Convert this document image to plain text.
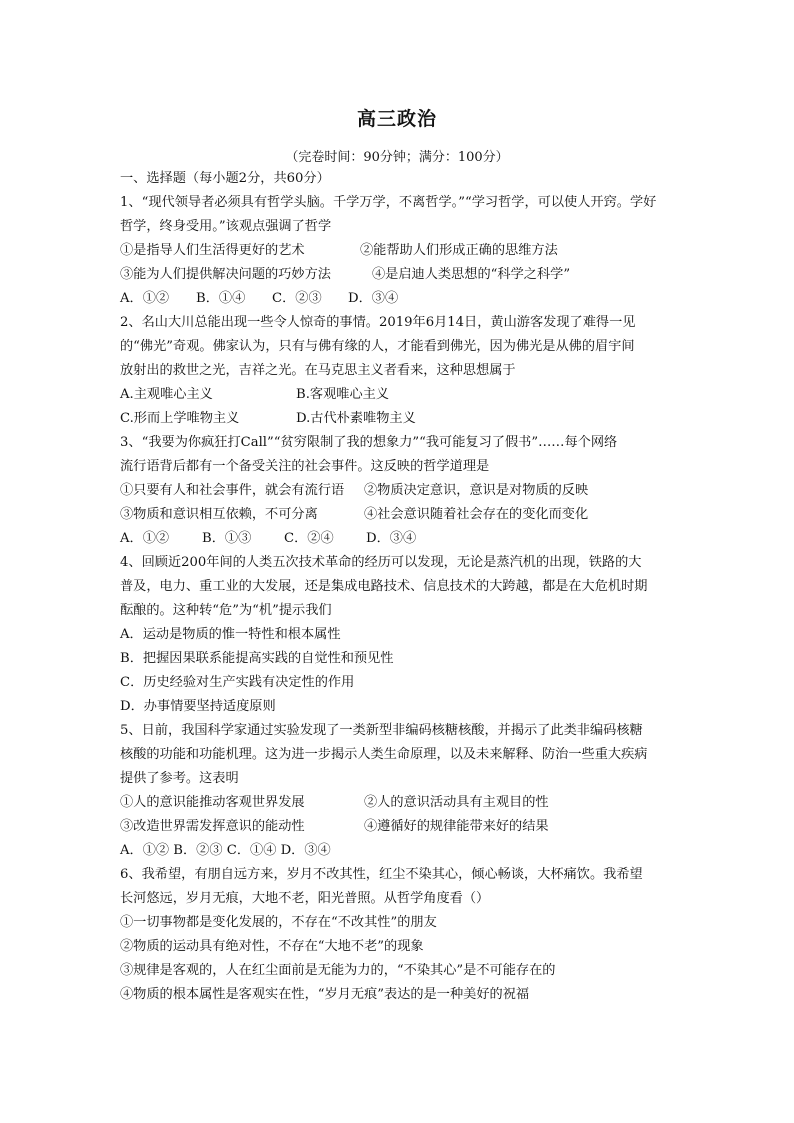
高三政治
（完卷时间：90分钟；满分：100分）
一、选择题（每小题2分，共60分）
1、“现代领导者必须具有哲学头脑。千学万学，不离哲学。”“学习哲学，可以使人开窍。学好
哲学，终身受用。”该观点强调了哲学
①是指导人们生活得更好的艺术	②能帮助人们形成正确的思维方法
③能为人们提供解决问题的巧妙方法	④是启迪人类思想的“科学之科学”
A．①② B．①④ C．②③ D．③④
2、名山大川总能出现一些令人惊奇的事情。2019年6月14日，黄山游客发现了难得一见
的“佛光”奇观。佛家认为，只有与佛有缘的人，才能看到佛光，因为佛光是从佛的眉宇间
放射出的救世之光，吉祥之光。在马克思主义者看来，这种思想属于
A.主观唯心主义	B.客观唯心主义
C.形而上学唯物主义	D.古代朴素唯物主义
3、“我要为你疯狂打Call”“贫穷限制了我的想象力”“我可能复习了假书”……每个网络
流行语背后都有一个备受关注的社会事件。这反映的哲学道理是
①只要有人和社会事件，就会有流行语 ②物质决定意识，意识是对物质的反映
③物质和意识相互依赖，不可分离	④社会意识随着社会存在的变化而变化
A．①② B．①③ C．②④ D．③④
4、回顾近200年间的人类五次技术革命的经历可以发现，无论是蒸汽机的出现，铁路的大
普及，电力、重工业的大发展，还是集成电路技术、信息技术的大跨越，都是在大危机时期
酝酿的。这种转“危”为“机”提示我们
A．运动是物质的惟一特性和根本属性
B．把握因果联系能提高实践的自觉性和预见性
C．历史经验对生产实践有决定性的作用
D．办事情要坚持适度原则
5、日前，我国科学家通过实验发现了一类新型非编码核糖核酸，并揭示了此类非编码核糖
核酸的功能和功能机理。这为进一步揭示人类生命原理，以及未来解释、防治一些重大疾病
提供了参考。这表明
①人的意识能推动客观世界发展	②人的意识活动具有主观目的性
③改造世界需发挥意识的能动性	④遵循好的规律能带来好的结果
A．①② B．②③ C．①④ D．③④
6、我希望，有朋自远方来，岁月不改其性，红尘不染其心，倾心畅谈，大杯痛饮。我希望
长河悠远，岁月无痕，大地不老，阳光普照。从哲学角度看（）
①一切事物都是变化发展的，不存在“不改其性”的朋友
②物质的运动具有绝对性，不存在“大地不老”的现象
③规律是客观的，人在红尘面前是无能为力的，“不染其心”是不可能存在的
④物质的根本属性是客观实在性，“岁月无痕”表达的是一种美好的祝福
